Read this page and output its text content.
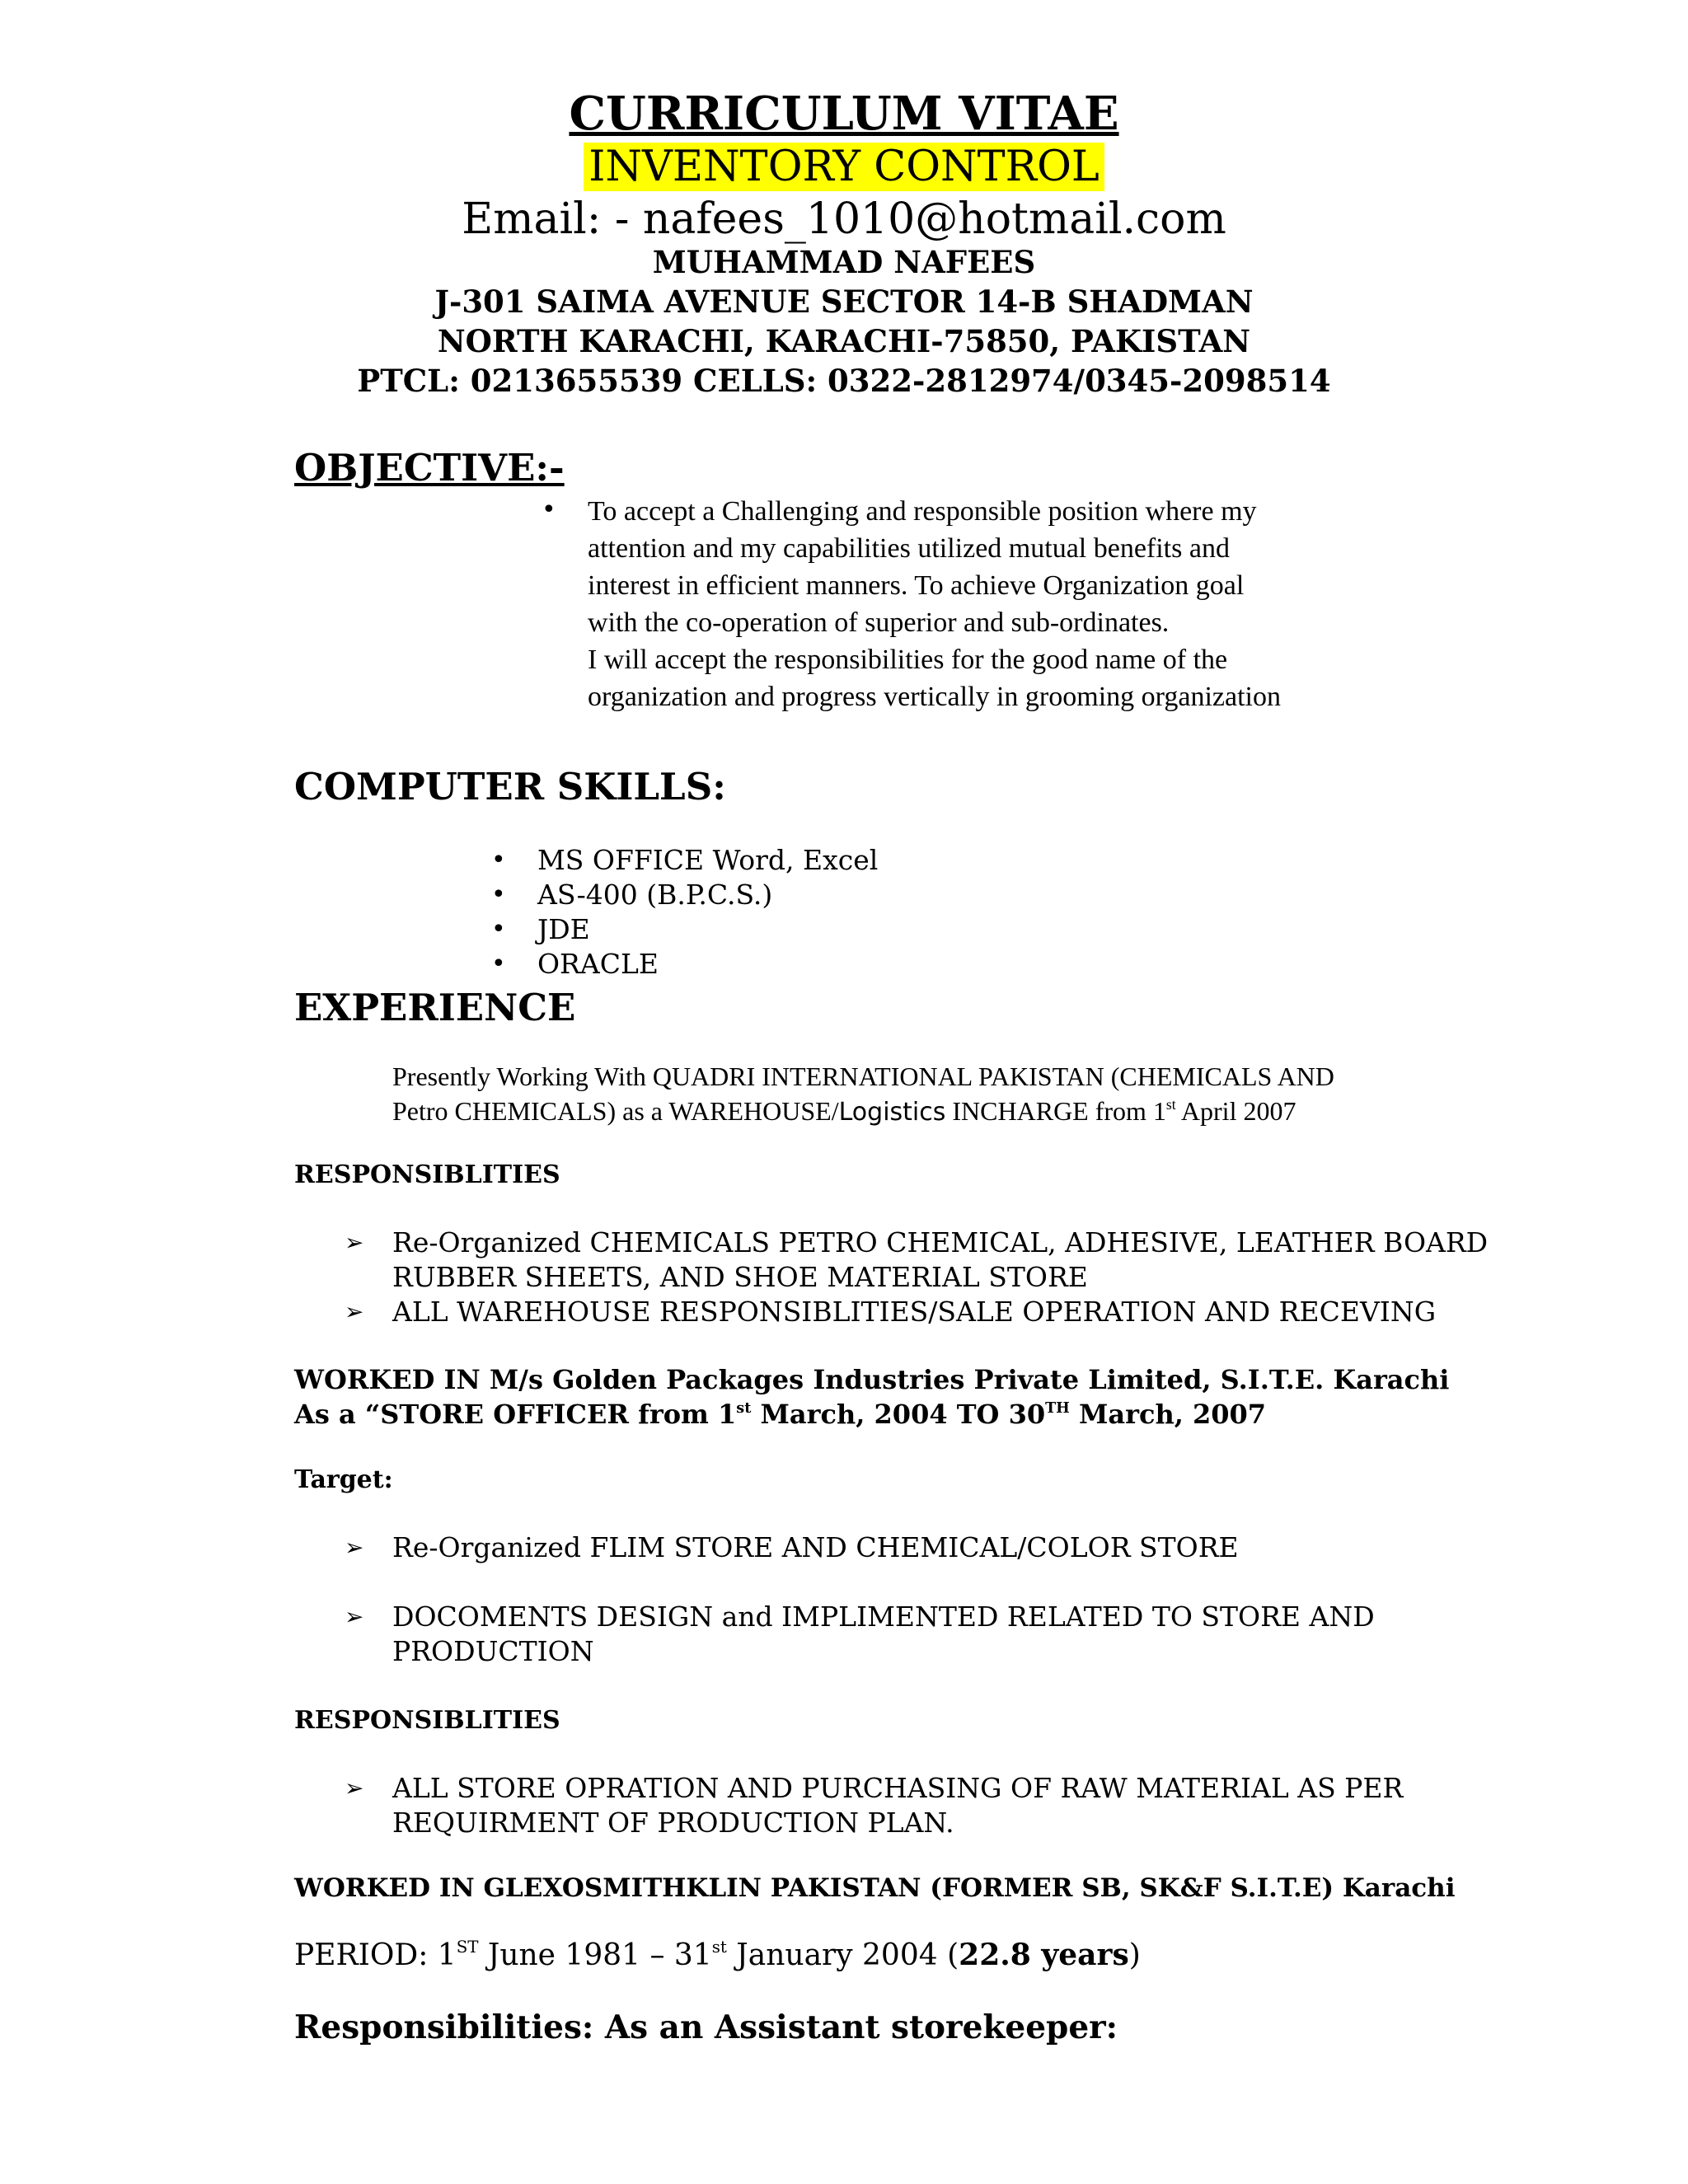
CURRICULUM VITAE
INVENTORY CONTROL
Email: - nafees_1010@hotmail.com
MUHAMMAD NAFEES
J-301 SAIMA AVENUE SECTOR 14-B SHADMAN
NORTH KARACHI, KARACHI-75850, PAKISTAN
PTCL: 0213655539 CELLS: 0322-2812974/0345-2098514
OBJECTIVE:-
• To accept a Challenging and responsible position where my
attention and my capabilities utilized mutual benefits and
interest in efficient manners. To achieve Organization goal
with the co-operation of superior and sub-ordinates.
I will accept the responsibilities for the good name of the
organization and progress vertically in grooming organization
COMPUTER SKILLS:
• MS OFFICE Word, Excel
• AS-400 (B.P.C.S.)
• JDE
• ORACLE
EXPERIENCE
Presently Working With QUADRI INTERNATIONAL PAKISTAN (CHEMICALS AND
Petro CHEMICALS) as a WAREHOUSE/Logistics INCHARGE from 1st April 2007
RESPONSIBLITIES
➢ Re-Organized CHEMICALS PETRO CHEMICAL, ADHESIVE, LEATHER BOARD
RUBBER SHEETS, AND SHOE MATERIAL STORE
➢ ALL WAREHOUSE RESPONSIBLITIES/SALE OPERATION AND RECEVING
WORKED IN M/s Golden Packages Industries Private Limited, S.I.T.E. Karachi
As a “STORE OFFICER from 1st March, 2004 TO 30TH March, 2007
Target:
➢ Re-Organized FLIM STORE AND CHEMICAL/COLOR STORE
➢ DOCOMENTS DESIGN and IMPLIMENTED RELATED TO STORE AND
PRODUCTION
RESPONSIBLITIES
➢ ALL STORE OPRATION AND PURCHASING OF RAW MATERIAL AS PER
REQUIRMENT OF PRODUCTION PLAN.
WORKED IN GLEXOSMITHKLIN PAKISTAN (FORMER SB, SK&F S.I.T.E) Karachi
PERIOD: 1ST June 1981 – 31st January 2004 (22.8 years)
Responsibilities: As an Assistant storekeeper:
